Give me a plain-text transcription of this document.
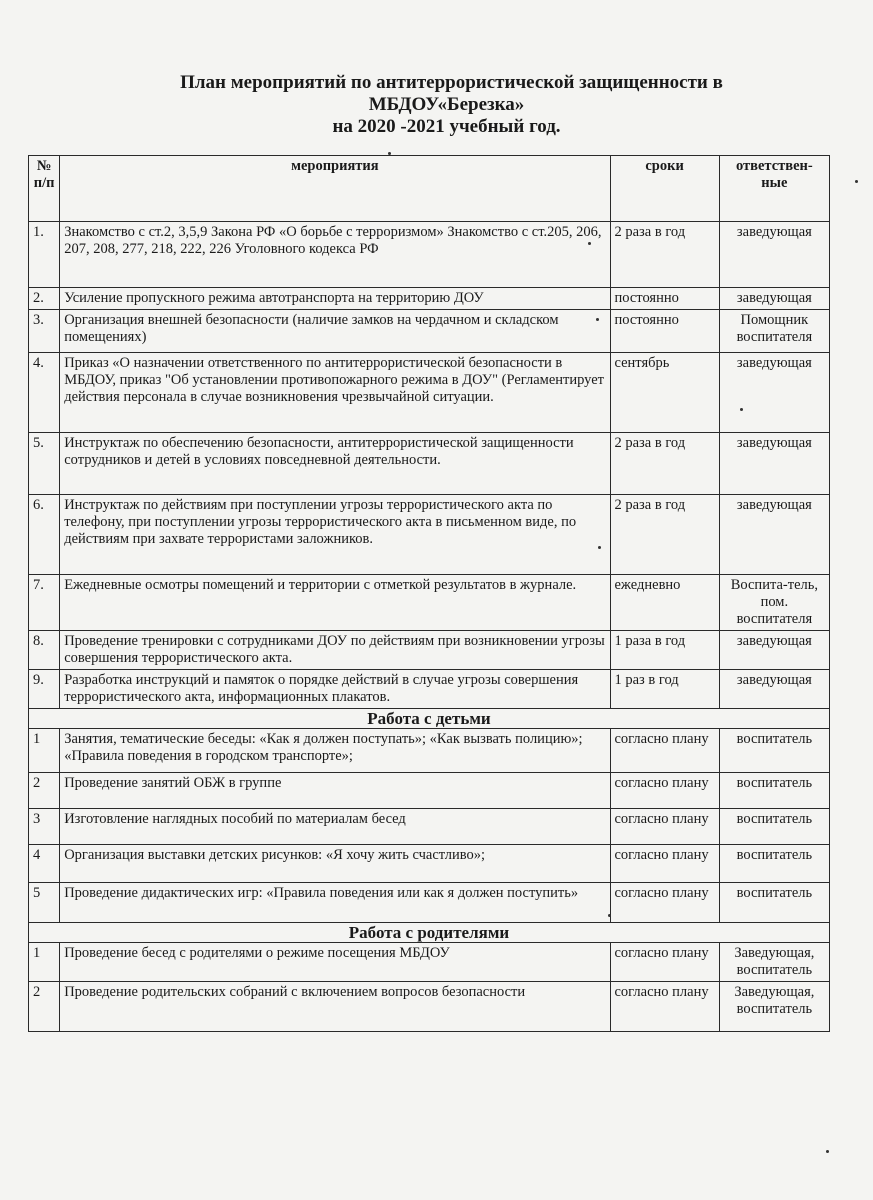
План мероприятий по антитеррористической защищенности в
МБДОУ«Березка»
на 2020 -2021 учебный год.
№ п/п	мероприятия	сроки	ответствен-ные
1.	Знакомство с ст.2, 3,5,9 Закона РФ «О борьбе с терроризмом» Знакомство с ст.205, 206, 207, 208, 277, 218, 222, 226 Уголовного кодекса РФ	2 раза в год	заведующая
2.	Усиление пропускного режима автотранспорта на территорию ДОУ	постоянно	заведующая
3.	Организация внешней безопасности (наличие замков на чердачном и складском помещениях)	постоянно	Помощник воспитателя
4.	Приказ «О назначении ответственного по антитеррористической безопасности в МБДОУ, приказ "Об установлении противопожарного режима в ДОУ" (Регламентирует действия персонала в случае возникновения чрезвычайной ситуации.	сентябрь	заведующая
5.	Инструктаж по обеспечению безопасности, антитеррористической защищенности сотрудников и детей в условиях повседневной деятельности.	2 раза в год	заведующая
6.	Инструктаж по действиям при поступлении угрозы террористического акта по телефону, при поступлении угрозы террористического акта в письменном виде, по действиям при захвате террористами заложников.	2 раза в год	заведующая
7.	Ежедневные осмотры помещений и территории с отметкой результатов в журнале.	ежедневно	Воспита-тель, пом. воспитателя
8.	Проведение тренировки с сотрудниками ДОУ по действиям при возникновении угрозы совершения террористического акта.	1 раза в год	заведующая
9.	Разработка инструкций и памяток о порядке действий в случае угрозы совершения террористического акта, информационных плакатов.	1 раз в год	заведующая
Работа с детьми			
1	Занятия, тематические беседы: «Как я должен поступать»; «Как вызвать полицию»; «Правила поведения в городском транспорте»;	согласно плану	воспитатель
2	Проведение занятий ОБЖ в группе	согласно плану	воспитатель
3	Изготовление наглядных пособий по материалам бесед	согласно плану	воспитатель
4	Организация выставки детских рисунков: «Я хочу жить счастливо»;	согласно плану	воспитатель
5	Проведение дидактических игр: «Правила поведения или как я должен поступить»	согласно плану	воспитатель
Работа с родителями			
1	Проведение бесед с родителями о режиме посещения МБДОУ	согласно плану	Заведующая, воспитатель
2	Проведение родительских собраний с включением вопросов безопасности	согласно плану	Заведующая, воспитатель
